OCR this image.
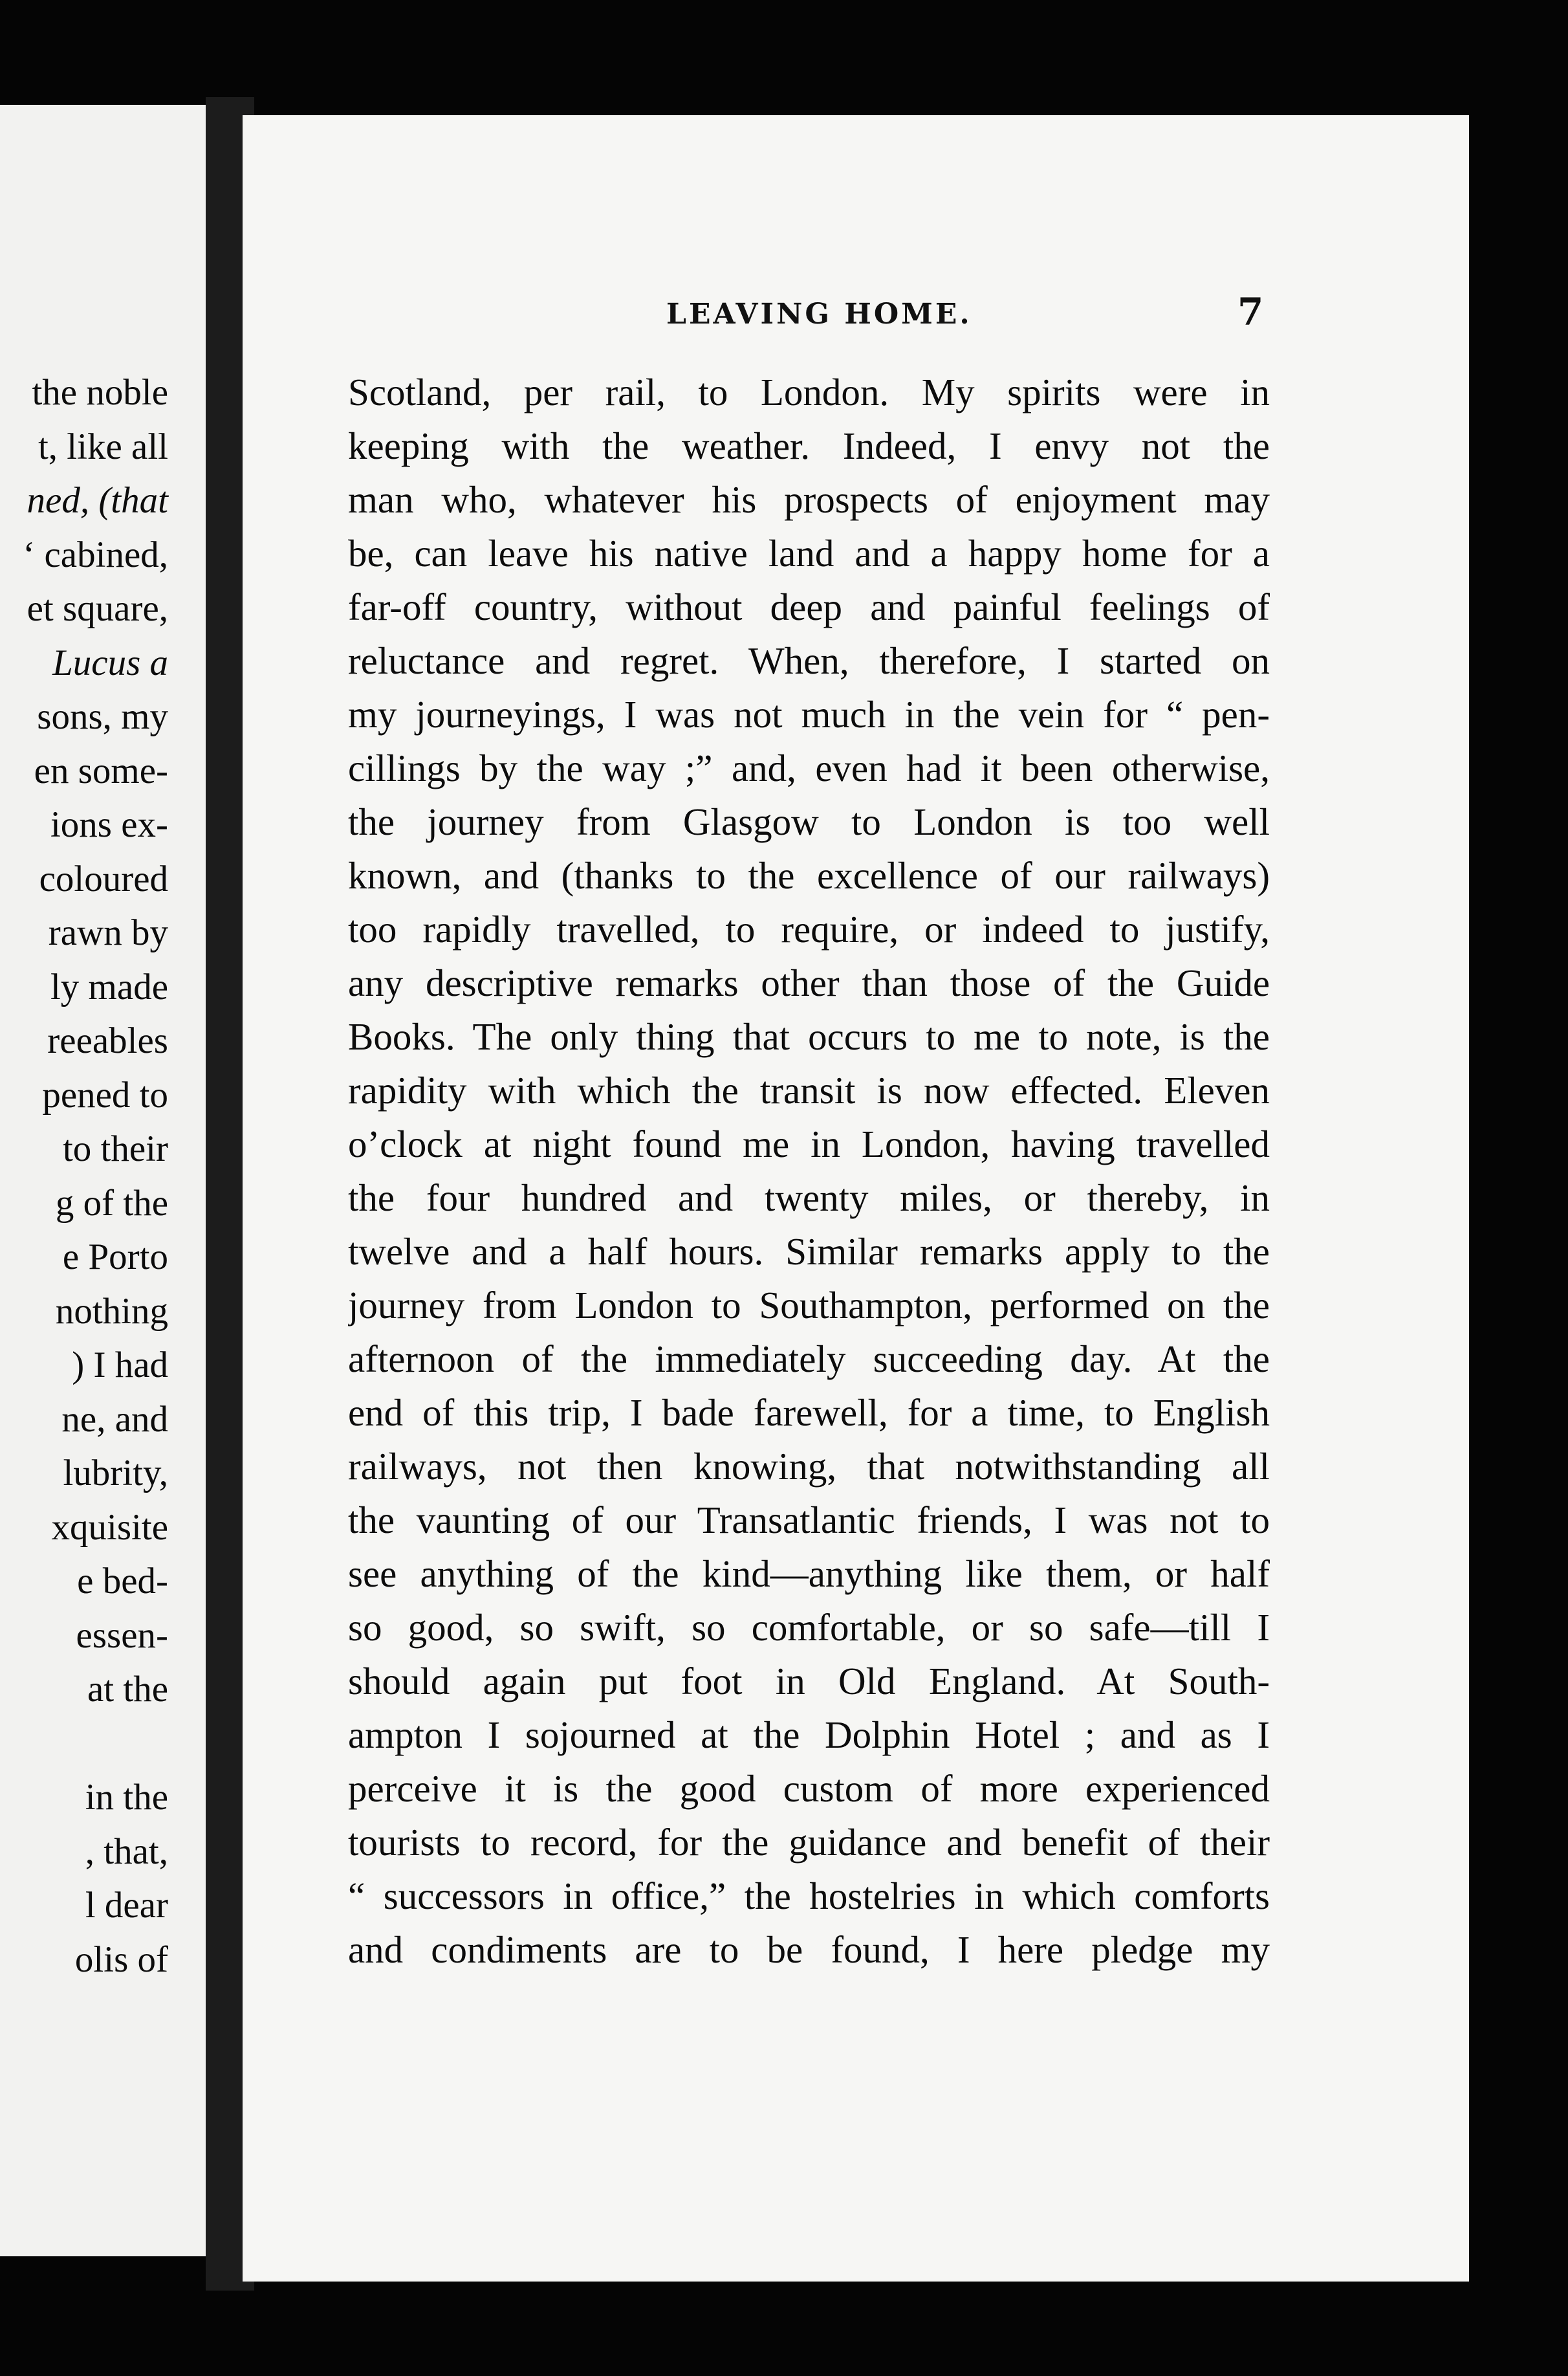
the noble
t, like all
ned, (that
‘ cabined,
et square,
Lucus a
sons, my
en some-
ions ex-
coloured
rawn by
ly made
reeables
pened to
to their
g of the
e Porto
nothing
) I had
ne, and
lubrity,
xquisite
e bed-
essen-
at the
in the
, that,
l dear
olis of
LEAVING HOME.	7
Scotland, per rail, to London. My spirits were in
keeping with the weather. Indeed, I envy not the
man who, whatever his prospects of enjoyment may
be, can leave his native land and a happy home for a
far-off country, without deep and painful feelings of
reluctance and regret. When, therefore, I started on
my journeyings, I was not much in the vein for “ pen-
cillings by the way ;” and, even had it been otherwise,
the journey from Glasgow to London is too well
known, and (thanks to the excellence of our railways)
too rapidly travelled, to require, or indeed to justify,
any descriptive remarks other than those of the Guide
Books. The only thing that occurs to me to note, is the
rapidity with which the transit is now effected. Eleven
o’clock at night found me in London, having travelled
the four hundred and twenty miles, or thereby, in
twelve and a half hours. Similar remarks apply to the
journey from London to Southampton, performed on the
afternoon of the immediately succeeding day. At the
end of this trip, I bade farewell, for a time, to English
railways, not then knowing, that notwithstanding all
the vaunting of our Transatlantic friends, I was not to
see anything of the kind—anything like them, or half
so good, so swift, so comfortable, or so safe—till I
should again put foot in Old England. At South-
ampton I sojourned at the Dolphin Hotel ; and as I
perceive it is the good custom of more experienced
tourists to record, for the guidance and benefit of their
“ successors in office,” the hostelries in which comforts
and condiments are to be found, I here pledge my
